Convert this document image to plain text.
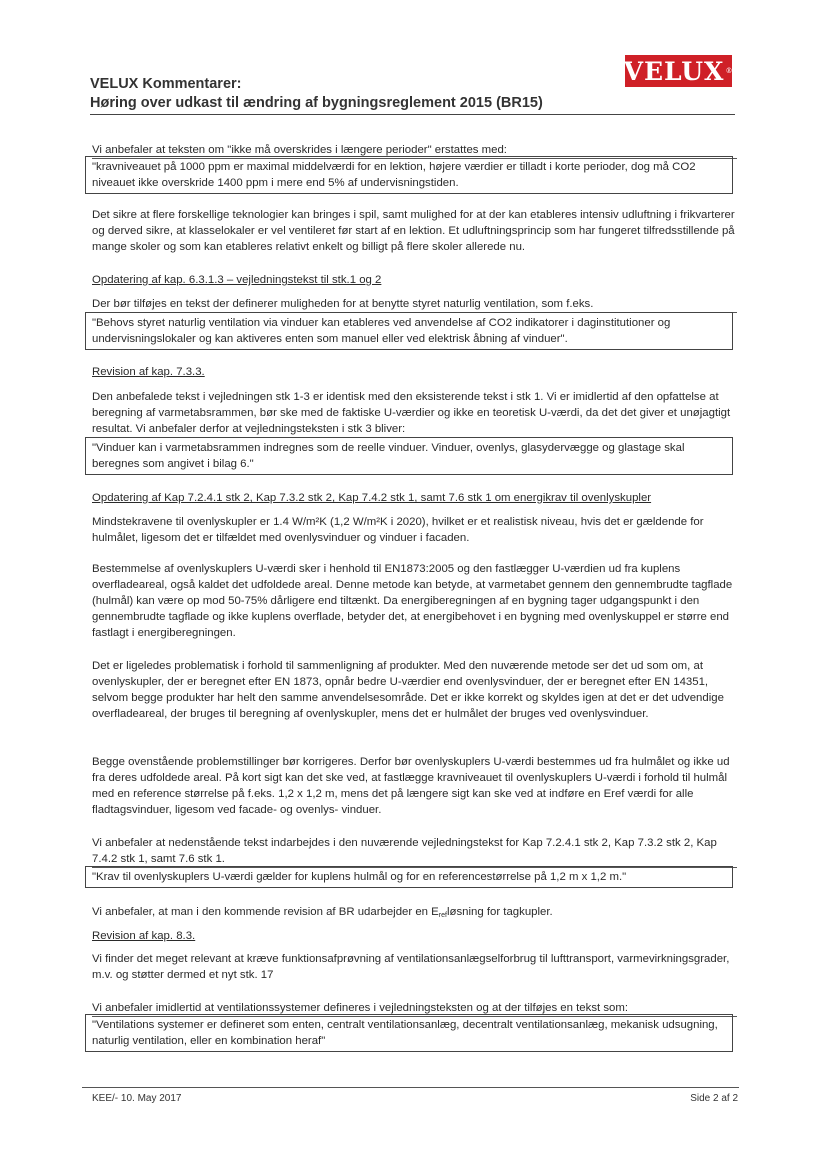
VELUX ®
VELUX Kommentarer:
Høring over udkast til ændring af bygningsreglement 2015 (BR15)

Vi anbefaler at teksten om "ikke må overskrides i længere perioder" erstattes med:

"kravniveauet på 1000 ppm er maximal middelværdi for en lektion, højere værdier er tilladt i korte perioder, dog må CO2 niveauet ikke overskride 1400 ppm i mere end 5% af undervisningstiden.

Det sikre at flere forskellige teknologier kan bringes i spil, samt mulighed for at der kan etableres intensiv udluftning i frikvarterer og derved sikre, at klasselokaler er vel ventileret før start af en lektion. Et udluftningsprincip som har fungeret tilfredsstillende på mange skoler og som kan etableres relativt enkelt og billigt på flere skoler allerede nu.

Opdatering af kap. 6.3.1.3 – vejledningstekst til stk.1 og 2

Der bør tilføjes en tekst der definerer muligheden for at benytte styret naturlig ventilation, som f.eks.

"Behovs styret naturlig ventilation via vinduer kan etableres ved anvendelse af CO2 indikatorer i daginstitutioner og undervisningslokaler og kan aktiveres enten som manuel eller ved elektrisk åbning af vinduer".

Revision af kap. 7.3.3.

Den anbefalede tekst i vejledningen stk 1-3 er identisk med den eksisterende tekst i stk 1. Vi er imidlertid af den opfattelse at beregning af varmetabsrammen, bør ske med de faktiske U-værdier og ikke en teoretisk U-værdi, da det det giver et unøjagtigt resultat. Vi anbefaler derfor at vejledningsteksten i stk 3 bliver:

"Vinduer kan i varmetabsrammen indregnes som de reelle vinduer. Vinduer, ovenlys, glasydervægge og glastage skal beregnes som angivet i bilag 6."

Opdatering af Kap 7.2.4.1 stk 2, Kap 7.3.2 stk 2, Kap 7.4.2 stk 1, samt 7.6 stk 1 om energikrav til ovenlyskupler

Mindstekravene til ovenlyskupler er 1.4 W/m²K (1,2 W/m²K i 2020), hvilket er et realistisk niveau, hvis det er gældende for hulmålet, ligesom det er tilfældet med ovenlysvinduer og vinduer i facaden.

Bestemmelse af ovenlyskuplers U-værdi sker i henhold til EN1873:2005 og den fastlægger U-værdien ud fra kuplens overfladeareal, også kaldet det udfoldede areal. Denne metode kan betyde, at varmetabet gennem den gennembrudte tagflade (hulmål) kan være op mod 50-75% dårligere end tiltænkt. Da energiberegningen af en bygning tager udgangspunkt i den gennembrudte tagflade og ikke kuplens overflade, betyder det, at energibehovet i en bygning med ovenlyskuppel er større end fastlagt i energiberegningen.

Det er ligeledes problematisk i forhold til sammenligning af produkter. Med den nuværende metode ser det ud som om, at ovenlyskupler, der er beregnet efter EN 1873, opnår bedre U-værdier end ovenlysvinduer, der er beregnet efter EN 14351, selvom begge produkter har helt den samme anvendelsesområde. Det er ikke korrekt og skyldes igen at det er det udvendige overfladeareal, der bruges til beregning af ovenlyskupler, mens det er hulmålet der bruges ved ovenlysvinduer.

Begge ovenstående problemstillinger bør korrigeres. Derfor bør ovenlyskuplers U-værdi bestemmes ud fra hulmålet og ikke ud fra deres udfoldede areal. På kort sigt kan det ske ved, at fastlægge kravniveauet til ovenlyskuplers U-værdi i forhold til hulmål med en reference størrelse på f.eks. 1,2 x 1,2 m, mens det på længere sigt kan ske ved at indføre en Eref værdi for alle fladtagsvinduer, ligesom ved facade- og ovenlys- vinduer.

Vi anbefaler at nedenstående tekst indarbejdes i den nuværende vejledningstekst for Kap 7.2.4.1 stk 2, Kap 7.3.2 stk 2, Kap 7.4.2 stk 1, samt 7.6 stk 1.

"Krav til ovenlyskuplers U-værdi gælder for kuplens hulmål og for en referencestørrelse på 1,2 m x 1,2 m."

Vi anbefaler, at man i den kommende revision af BR udarbejder en $E_{ref}løsning$ for tagkupler.

Revision af kap. 8.3.

Vi finder det meget relevant at kræve funktionsafprøvning af ventilationsanlægselforbrug til lufttransport, varmevirkningsgrader, m.v. og støtter dermed et nyt stk. 17

Vi anbefaler imidlertid at ventilationssystemer defineres i vejledningsteksten og at der tilføjes en tekst som:

"Ventilations systemer er defineret som enten, centralt ventilationsanlæg, decentralt ventilationsanlæg, mekanisk udsugning, naturlig ventilation, eller en kombination heraf"

KEE/- 10. May 2017	Side 2 af 2
